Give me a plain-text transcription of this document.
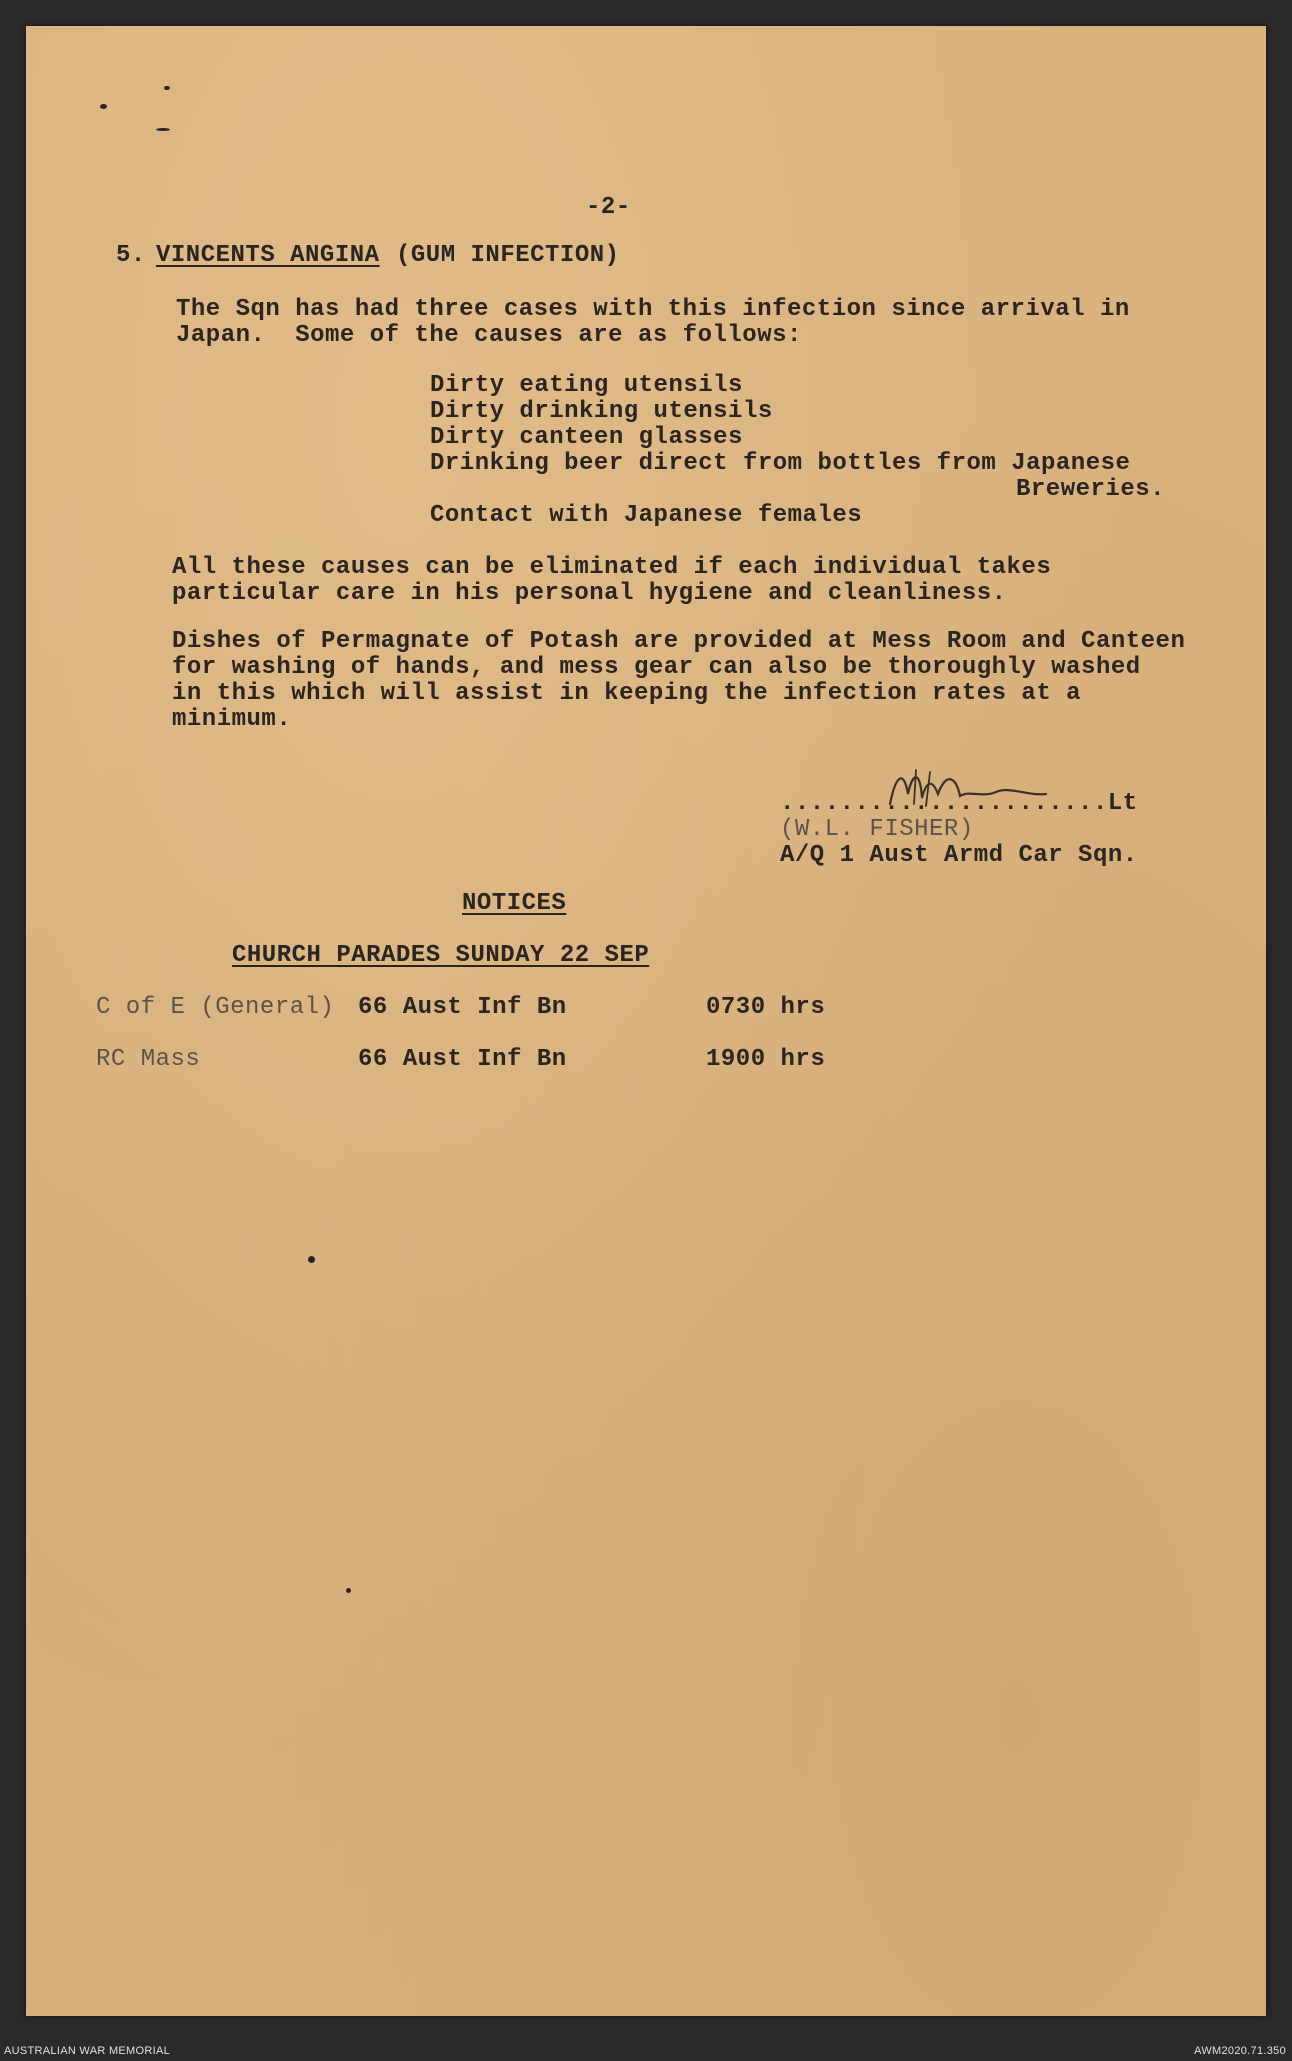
-2-
5. VINCENTS ANGINA (GUM INFECTION)
The Sqn has had three cases with this infection since arrival in
Japan.  Some of the causes are as follows:
Dirty eating utensils
Dirty drinking utensils
Dirty canteen glasses
Drinking beer direct from bottles from Japanese
Breweries.
Contact with Japanese females
All these causes can be eliminated if each individual takes
particular care in his personal hygiene and cleanliness.
Dishes of Permagnate of Potash are provided at Mess Room and Canteen
for washing of hands, and mess gear can also be thoroughly washed
in this which will assist in keeping the infection rates at a
minimum.
......................Lt
(W.L. FISHER)
A/Q 1 Aust Armd Car Sqn.
NOTICES
CHURCH PARADES SUNDAY 22 SEP
C of E (General) 66 Aust Inf Bn	0730 hrs
RC Mass	66 Aust Inf Bn	1900 hrs
AUSTRALIAN WAR MEMORIAL	AWM2020.71.350
